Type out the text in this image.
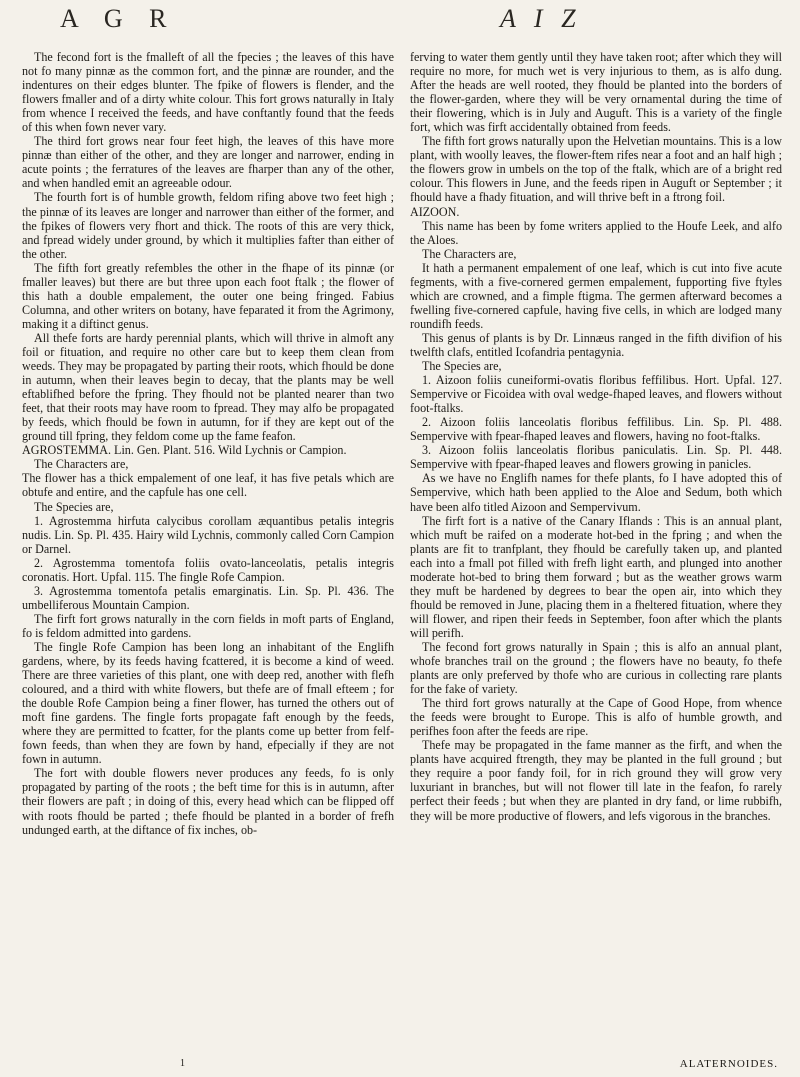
A G R	A I Z

The fecond fort is the fmalleft of all the fpecies ; the leaves of this have not fo many pinnæ as the common fort, and the pinnæ are rounder, and the indentures on their edges blunter. The fpike of flowers is flender, and the flowers fmaller and of a dirty white colour. This fort grows naturally in Italy from whence I received the feeds, and have conftantly found that the feeds of this when fown never vary.

The third fort grows near four feet high, the leaves of this have more pinnæ than either of the other, and they are longer and narrower, ending in acute points ; the ferratures of the leaves are fharper than any of the other, and when handled emit an agreeable odour.

The fourth fort is of humble growth, feldom rifing above two feet high ; the pinnæ of its leaves are longer and narrower than either of the former, and the fpikes of flowers very fhort and thick. The roots of this are very thick, and fpread widely under ground, by which it multiplies fafter than either of the other.

The fifth fort greatly refembles the other in the fhape of its pinnæ (or fmaller leaves) but there are but three upon each foot ftalk ; the flower of this hath a double empalement, the outer one being fringed. Fabius Columna, and other writers on botany, have feparated it from the Agrimony, making it a diftinct genus.

All thefe forts are hardy perennial plants, which will thrive in almoft any foil or fituation, and require no other care but to keep them clean from weeds. They may be propagated by parting their roots, which fhould be done in autumn, when their leaves begin to decay, that the plants may be well eftablifhed before the fpring. They fhould not be planted nearer than two feet, that their roots may have room to fpread. They may alfo be propagated by feeds, which fhould be fown in autumn, for if they are kept out of the ground till fpring, they feldom come up the fame feafon.

AGROSTEMMA. Lin. Gen. Plant. 516. Wild Lychnis or Campion.

The Characters are,

The flower has a thick empalement of one leaf, it has five petals which are obtufe and entire, and the capfule has one cell.

The Species are,

1. Agrostemma hirfuta calycibus corollam æquantibus petalis integris nudis. Lin. Sp. Pl. 435. Hairy wild Lychnis, commonly called Corn Campion or Darnel.

2. Agrostemma tomentofa foliis ovato-lanceolatis, petalis integris coronatis. Hort. Upfal. 115. The fingle Rofe Campion.

3. Agrostemma tomentofa petalis emarginatis. Lin. Sp. Pl. 436. The umbelliferous Mountain Campion.

The firft fort grows naturally in the corn fields in moft parts of England, fo is feldom admitted into gardens.

The fingle Rofe Campion has been long an inhabitant of the Englifh gardens, where, by its feeds having fcattered, it is become a kind of weed. There are three varieties of this plant, one with deep red, another with flefh coloured, and a third with white flowers, but thefe are of fmall efteem ; for the double Rofe Campion being a finer flower, has turned the others out of moft fine gardens. The fingle forts propagate faft enough by the feeds, where they are permitted to fcatter, for the plants come up better from felf-fown feeds, than when they are fown by hand, efpecially if they are not fown in autumn.

The fort with double flowers never produces any feeds, fo is only propagated by parting of the roots ; the beft time for this is in autumn, after their flowers are paft ; in doing of this, every head which can be flipped off with roots fhould be parted ; thefe fhould be planted in a border of frefh undunged earth, at the diftance of fix inches, ob-

ferving to water them gently until they have taken root; after which they will require no more, for much wet is very injurious to them, as is alfo dung. After the heads are well rooted, they fhould be planted into the borders of the flower-garden, where they will be very ornamental during the time of their flowering, which is in July and Auguft. This is a variety of the fingle fort, which was firft accidentally obtained from feeds.

The fifth fort grows naturally upon the Helvetian mountains. This is a low plant, with woolly leaves, the flower-ftem rifes near a foot and an half high ; the flowers grow in umbels on the top of the ftalk, which are of a bright red colour. This flowers in June, and the feeds ripen in Auguft or September ; it fhould have a fhady fituation, and will thrive beft in a ftrong foil.

AIZOON.

This name has been by fome writers applied to the Houfe Leek, and alfo the Aloes.

The Characters are,

It hath a permanent empalement of one leaf, which is cut into five acute fegments, with a five-cornered germen empalement, fupporting five ftyles which are crowned, and a fimple ftigma. The germen afterward becomes a fwelling five-cornered capfule, having five cells, in which are lodged many roundifh feeds.

This genus of plants is by Dr. Linnæus ranged in the fifth divifion of his twelfth clafs, entitled Icofandria pentagynia.

The Species are,

1. Aizoon foliis cuneiformi-ovatis floribus feffilibus. Hort. Upfal. 127. Sempervive or Ficoidea with oval wedge-fhaped leaves, and flowers without foot-ftalks.

2. Aizoon foliis lanceolatis floribus feffilibus. Lin. Sp. Pl. 488. Sempervive with fpear-fhaped leaves and flowers, having no foot-ftalks.

3. Aizoon foliis lanceolatis floribus paniculatis. Lin. Sp. Pl. 448. Sempervive with fpear-fhaped leaves and flowers growing in panicles.

As we have no Englifh names for thefe plants, fo I have adopted this of Sempervive, which hath been applied to the Aloe and Sedum, both which have been alfo titled Aizoon and Sempervivum.

The firft fort is a native of the Canary Iflands : This is an annual plant, which muft be raifed on a moderate hot-bed in the fpring ; and when the plants are fit to tranfplant, they fhould be carefully taken up, and planted each into a fmall pot filled with frefh light earth, and plunged into another moderate hot-bed to bring them forward ; but as the weather grows warm they muft be hardened by degrees to bear the open air, into which they fhould be removed in June, placing them in a fheltered fituation, where they will flower, and ripen their feeds in September, foon after which the plants will perifh.

The fecond fort grows naturally in Spain ; this is alfo an annual plant, whofe branches trail on the ground ; the flowers have no beauty, fo thefe plants are only preferved by thofe who are curious in collecting rare plants for the fake of variety.

The third fort grows naturally at the Cape of Good Hope, from whence the feeds were brought to Europe. This is alfo of humble growth, and perifhes foon after the feeds are ripe.

Thefe may be propagated in the fame manner as the firft, and when the plants have acquired ftrength, they may be planted in the full ground ; but they require a poor fandy foil, for in rich ground they will grow very luxuriant in branches, but will not flower till late in the feafon, fo rarely perfect their feeds ; but when they are planted in dry fand, or lime rubbifh, they will be more productive of flowers, and lefs vigorous in the branches.

1	ALATERNOIDES.
